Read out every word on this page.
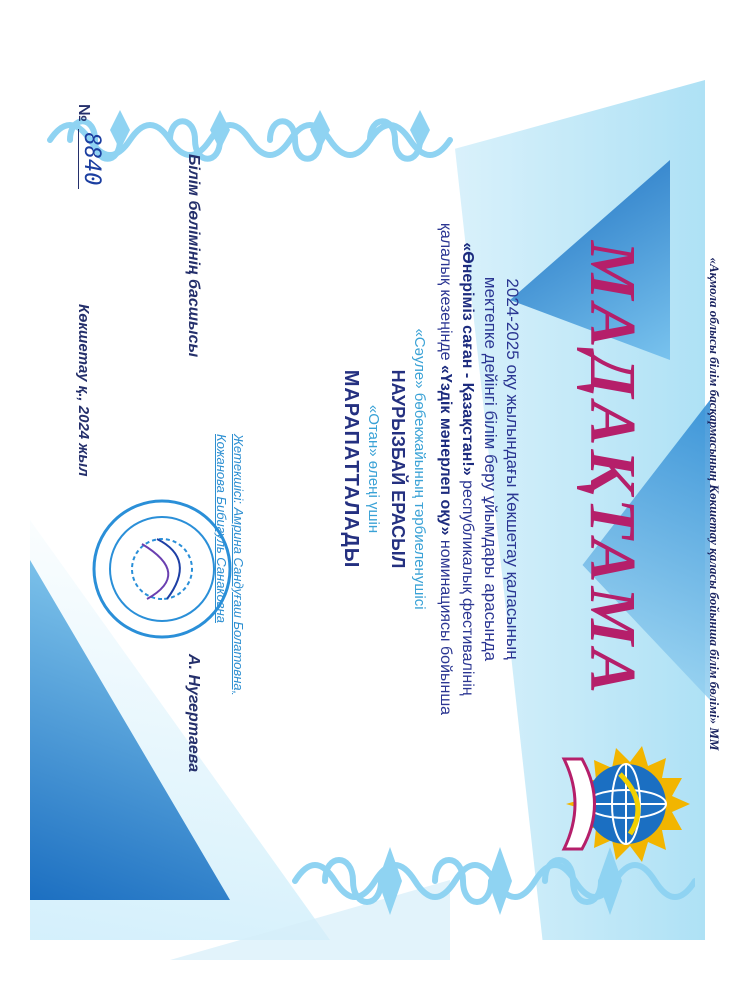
«Ақмола облысы білім басқармасының Көкшетау қаласы бойынша білім бөлімі» ММ
МАДАҚТАМА
2024-2025 оқу жылындағы Көкшетау қаласының
мектепке дейінгі білім беру ұйымдары арасында
«Өнеріміз саған - Қазақстан!» республикалық фестивалінің
қалалық кезеңінде «Үздік мәнерлеп оқу» номинациясы бойынша
«Сәуле» бөбекжайының тәрбиеленушісі
НАУРЫЗБАЙ ЕРАСЫЛ
«Отан» өлеңі үшін
МАРАПАТТАЛАДЫ
Жетекшісі: Амрина Сандуғаш Болатовна,
Кожанова Бибигуль Санаковна
Білім бөлімінің басшысы
А. Нугертаева
№
8840
Көкшетау қ., 2024 жыл
